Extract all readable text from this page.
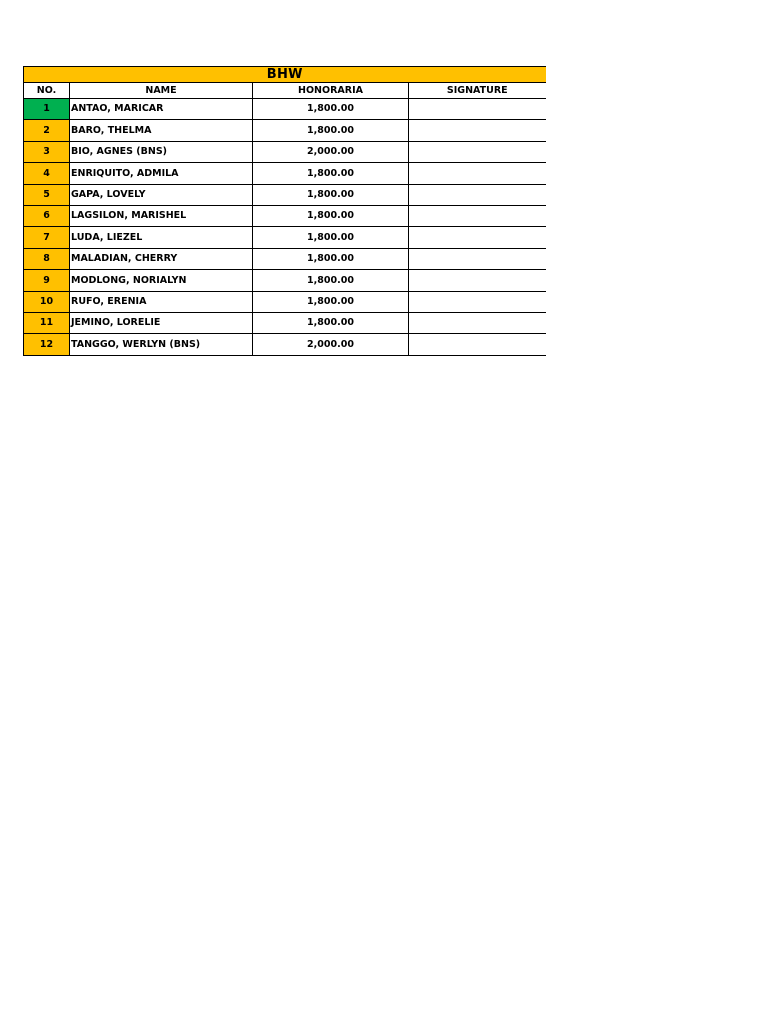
BHW			
NO.	NAME	HONORARIA	SIGNATURE
1	ANTAO, MARICAR	1,800.00	
2	BARO, THELMA	1,800.00	
3	BIO, AGNES (BNS)	2,000.00	
4	ENRIQUITO, ADMILA	1,800.00	
5	GAPA, LOVELY	1,800.00	
6	LAGSILON, MARISHEL	1,800.00	
7	LUDA, LIEZEL	1,800.00	
8	MALADIAN, CHERRY	1,800.00	
9	MODLONG, NORIALYN	1,800.00	
10	RUFO, ERENIA	1,800.00	
11	JEMINO, LORELIE	1,800.00	
12	TANGGO, WERLYN (BNS)	2,000.00	
